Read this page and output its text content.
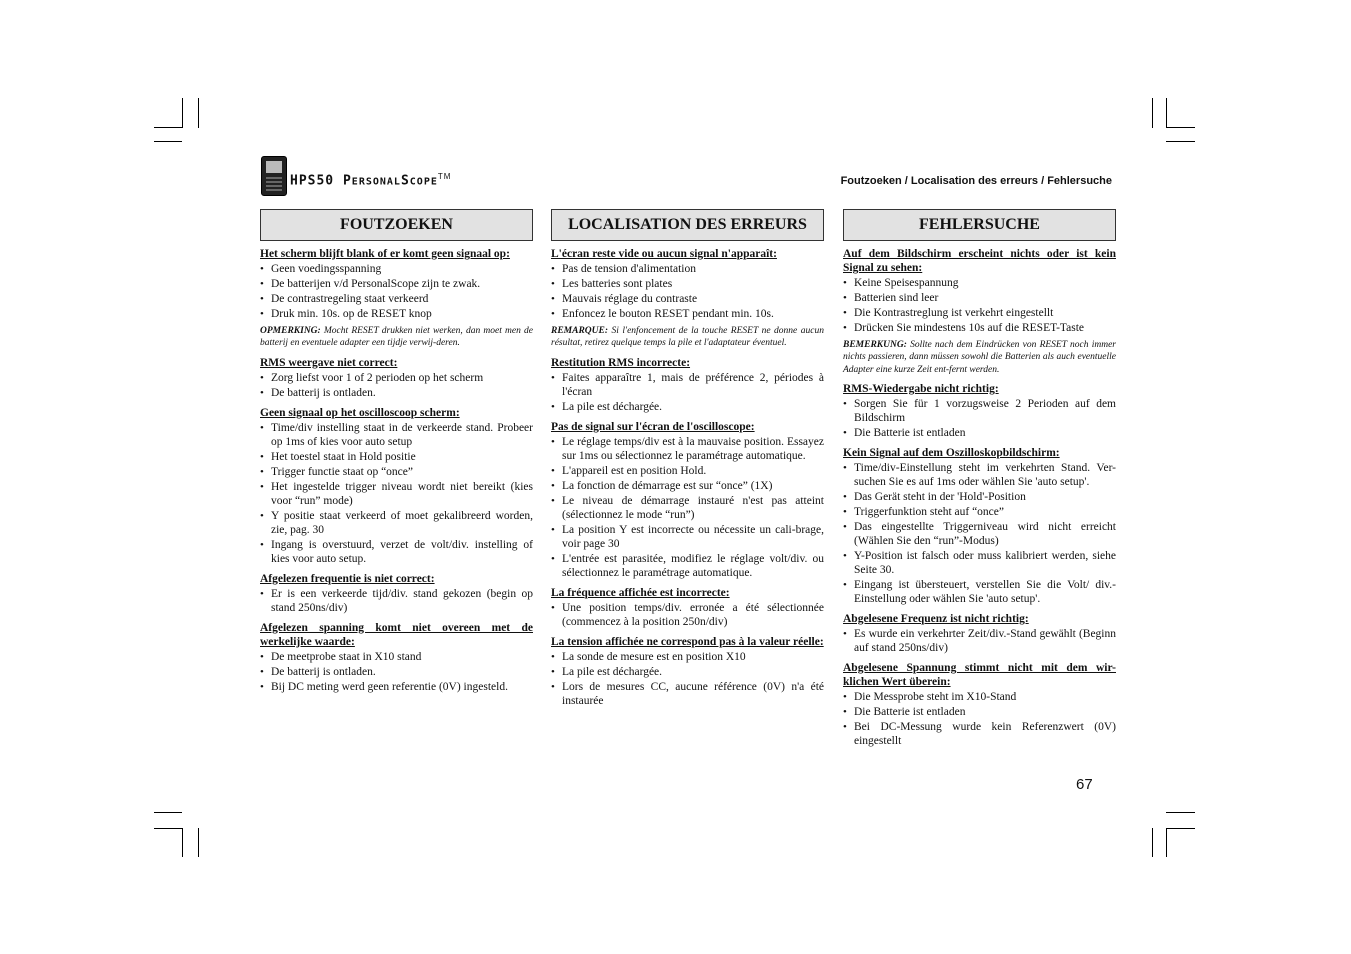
HPS50 PERSONALSCOPE™	Foutzoeken / Localisation des erreurs / Fehlersuche
FOUTZOEKEN
Het scherm blijft blank of er komt geen signaal op:
• Geen voedingsspanning
• De batterijen v/d PersonalScope zijn te zwak.
• De contrastregeling staat verkeerd
• Druk min. 10s. op de RESET knop
OPMERKING: Mocht RESET drukken niet werken, dan moet men de batterij en eventuele adapter een tijdje verwij-deren.
RMS weergave niet correct:
• Zorg liefst voor 1 of 2 perioden op het scherm
• De batterij is ontladen.
Geen signaal op het oscilloscoop scherm:
• Time/div instelling staat in de verkeerde stand. Probeer op 1ms of kies voor auto setup
• Het toestel staat in Hold positie
• Trigger functie staat op “once”
• Het ingestelde trigger niveau wordt niet bereikt (kies voor “run” mode)
• Y positie staat verkeerd of moet gekalibreerd worden, zie, pag. 30
• Ingang is overstuurd, verzet de volt/div. instelling of kies voor auto setup.
Afgelezen frequentie is niet correct:
• Er is een verkeerde tijd/div. stand gekozen (begin op stand 250ns/div)
Afgelezen spanning komt niet overeen met de werkelijke waarde:
• De meetprobe staat in X10 stand
• De batterij is ontladen.
• Bij DC meting werd geen referentie (0V) ingesteld.
LOCALISATION DES ERREURS
L'écran reste vide ou aucun signal n'apparaît:
• Pas de tension d'alimentation
• Les batteries sont plates
• Mauvais réglage du contraste
• Enfoncez le bouton RESET pendant min. 10s.
REMARQUE: Si l'enfoncement de la touche RESET ne donne aucun résultat, retirez quelque temps la pile et l'adaptateur éventuel.
Restitution RMS incorrecte:
• Faites apparaître 1, mais de préférence 2, périodes à l'écran
• La pile est déchargée.
Pas de signal sur l'écran de l'oscilloscope:
• Le réglage temps/div est à la mauvaise position. Essayez sur 1ms ou sélectionnez le paramétrage automatique.
• L'appareil est en position Hold.
• La fonction de démarrage est sur “once” (1X)
• Le niveau de démarrage instauré n'est pas atteint (sélectionnez le mode “run”)
• La position Y est incorrecte ou nécessite un cali-brage, voir page 30
• L'entrée est parasitée, modifiez le réglage volt/div. ou sélectionnez le paramétrage automatique.
La fréquence affichée est incorrecte:
• Une position temps/div. erronée a été sélectionnée (commencez à la position 250n/div)
La tension affichée ne correspond pas à la valeur réelle:
• La sonde de mesure est en position X10
• La pile est déchargée.
• Lors de mesures CC, aucune référence (0V) n'a été instaurée
FEHLERSUCHE
Auf dem Bildschirm erscheint nichts oder ist kein Signal zu sehen:
• Keine Speisespannung
• Batterien sind leer
• Die Kontrastreglung ist verkehrt eingestellt
• Drücken Sie mindestens 10s auf die RESET-Taste
BEMERKUNG: Sollte nach dem Eindrücken von RESET noch immer nichts passieren, dann müssen sowohl die Batterien als auch eventuelle Adapter eine kurze Zeit ent-fernt werden.
RMS-Wiedergabe nicht richtig:
• Sorgen Sie für 1 vorzugsweise 2 Perioden auf dem Bildschirm
• Die Batterie ist entladen
Kein Signal auf dem Oszilloskopbildschirm:
• Time/div-Einstellung steht im verkehrten Stand. Ver-suchen Sie es auf 1ms oder wählen Sie 'auto setup'.
• Das Gerät steht in der 'Hold'-Position
• Triggerfunktion steht auf “once”
• Das eingestellte Triggerniveau wird nicht erreicht (Wählen Sie den “run”-Modus)
• Y-Position ist falsch oder muss kalibriert werden, siehe Seite 30.
• Eingang ist übersteuert, verstellen Sie die Volt/ div.-Einstellung oder wählen Sie 'auto setup'.
Abgelesene Frequenz ist nicht richtig:
• Es wurde ein verkehrter Zeit/div.-Stand gewählt (Beginn auf stand 250ns/div)
Abgelesene Spannung stimmt nicht mit dem wir-klichen Wert überein:
• Die Messprobe steht im X10-Stand
• Die Batterie ist entladen
• Bei DC-Messung wurde kein Referenzwert (0V) eingestellt
67
